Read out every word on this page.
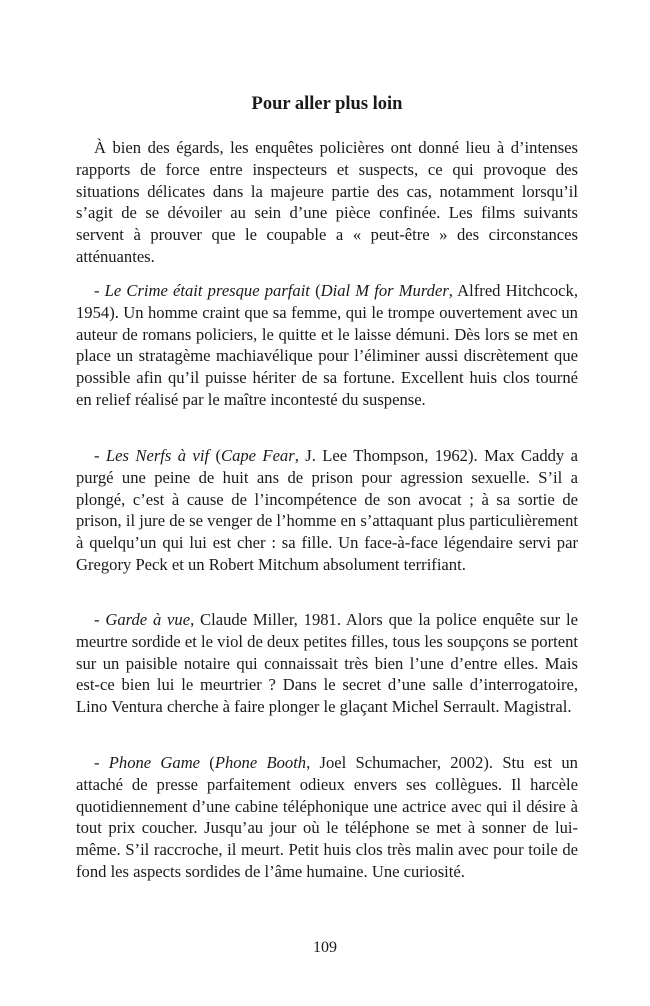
Pour aller plus loin

À bien des égards, les enquêtes policières ont donné lieu à d’intenses rapports de force entre inspecteurs et suspects, ce qui provoque des situations délicates dans la majeure partie des cas, notamment lorsqu’il s’agit de se dévoiler au sein d’une pièce confinée. Les films suivants servent à prouver que le coupable a « peut-être » des circonstances atténuantes.

- Le Crime était presque parfait (Dial M for Murder, Alfred Hitchcock, 1954). Un homme craint que sa femme, qui le trompe ouvertement avec un auteur de romans policiers, le quitte et le laisse démuni. Dès lors se met en place un stratagème machiavélique pour l’éliminer aussi discrètement que possible afin qu’il puisse hériter de sa fortune. Excellent huis clos tourné en relief réalisé par le maître incontesté du suspense.

- Les Nerfs à vif (Cape Fear, J. Lee Thompson, 1962). Max Caddy a purgé une peine de huit ans de prison pour agression sexuelle. S’il a plongé, c’est à cause de l’incompétence de son avocat ; à sa sortie de prison, il jure de se venger de l’homme en s’attaquant plus particulièrement à quelqu’un qui lui est cher : sa fille. Un face-à-face légendaire servi par Gregory Peck et un Robert Mitchum absolument terrifiant.

- Garde à vue, Claude Miller, 1981. Alors que la police enquête sur le meurtre sordide et le viol de deux petites filles, tous les soupçons se portent sur un paisible notaire qui connaissait très bien l’une d’entre elles. Mais est-ce bien lui le meurtrier ? Dans le secret d’une salle d’interrogatoire, Lino Ventura cherche à faire plonger le glaçant Michel Serrault. Magistral.

- Phone Game (Phone Booth, Joel Schumacher, 2002). Stu est un attaché de presse parfaitement odieux envers ses collègues. Il harcèle quotidiennement d’une cabine téléphonique une actrice avec qui il désire à tout prix coucher. Jusqu’au jour où le téléphone se met à sonner de lui-même. S’il raccroche, il meurt. Petit huis clos très malin avec pour toile de fond les aspects sordides de l’âme humaine. Une curiosité.

109
